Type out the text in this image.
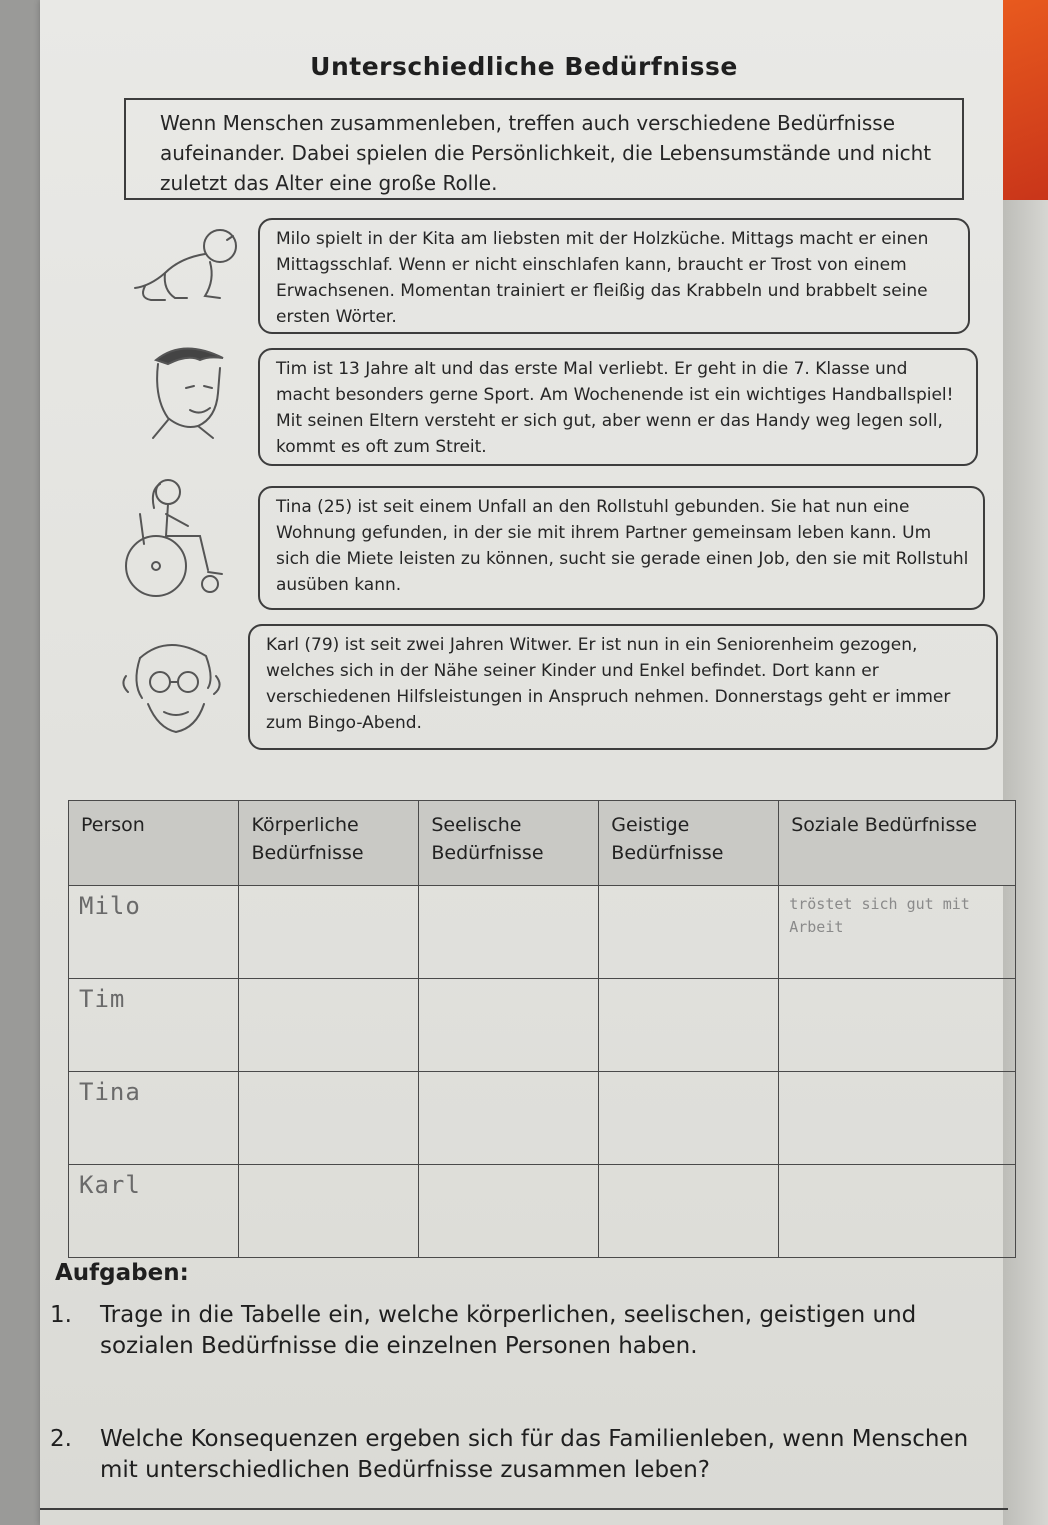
Unterschiedliche Bedürfnisse
Wenn Menschen zusammenleben, treffen auch verschiedene Bedürfnisse aufeinander. Dabei spielen die Persönlichkeit, die Lebensumstände und nicht zuletzt das Alter eine große Rolle.
Milo spielt in der Kita am liebsten mit der Holzküche. Mittags macht er einen Mittagsschlaf. Wenn er nicht einschlafen kann, braucht er Trost von einem Erwachsenen. Momentan trainiert er fleißig das Krabbeln und brabbelt seine ersten Wörter.
Tim ist 13 Jahre alt und das erste Mal verliebt. Er geht in die 7. Klasse und macht besonders gerne Sport. Am Wochenende ist ein wichtiges Handballspiel! Mit seinen Eltern versteht er sich gut, aber wenn er das Handy weg legen soll, kommt es oft zum Streit.
Tina (25) ist seit einem Unfall an den Rollstuhl gebunden. Sie hat nun eine Wohnung gefunden, in der sie mit ihrem Partner gemeinsam leben kann. Um sich die Miete leisten zu können, sucht sie gerade einen Job, den sie mit Rollstuhl ausüben kann.
Karl (79) ist seit zwei Jahren Witwer. Er ist nun in ein Seniorenheim gezogen, welches sich in der Nähe seiner Kinder und Enkel befindet. Dort kann er verschiedenen Hilfsleistungen in Anspruch nehmen. Donnerstags geht er immer zum Bingo-Abend.
Person	Körperliche Bedürfnisse	Seelische Bedürfnisse	Geistige Bedürfnisse	Soziale Bedürfnisse
Milo				tröstet sich gut mit Arbeit
Tim				
Tina				
Karl				
Aufgaben:
1. Trage in die Tabelle ein, welche körperlichen, seelischen, geistigen und sozialen Bedürfnisse die einzelnen Personen haben.
2. Welche Konsequenzen ergeben sich für das Familienleben, wenn Menschen mit unterschiedlichen Bedürfnisse zusammen leben?
